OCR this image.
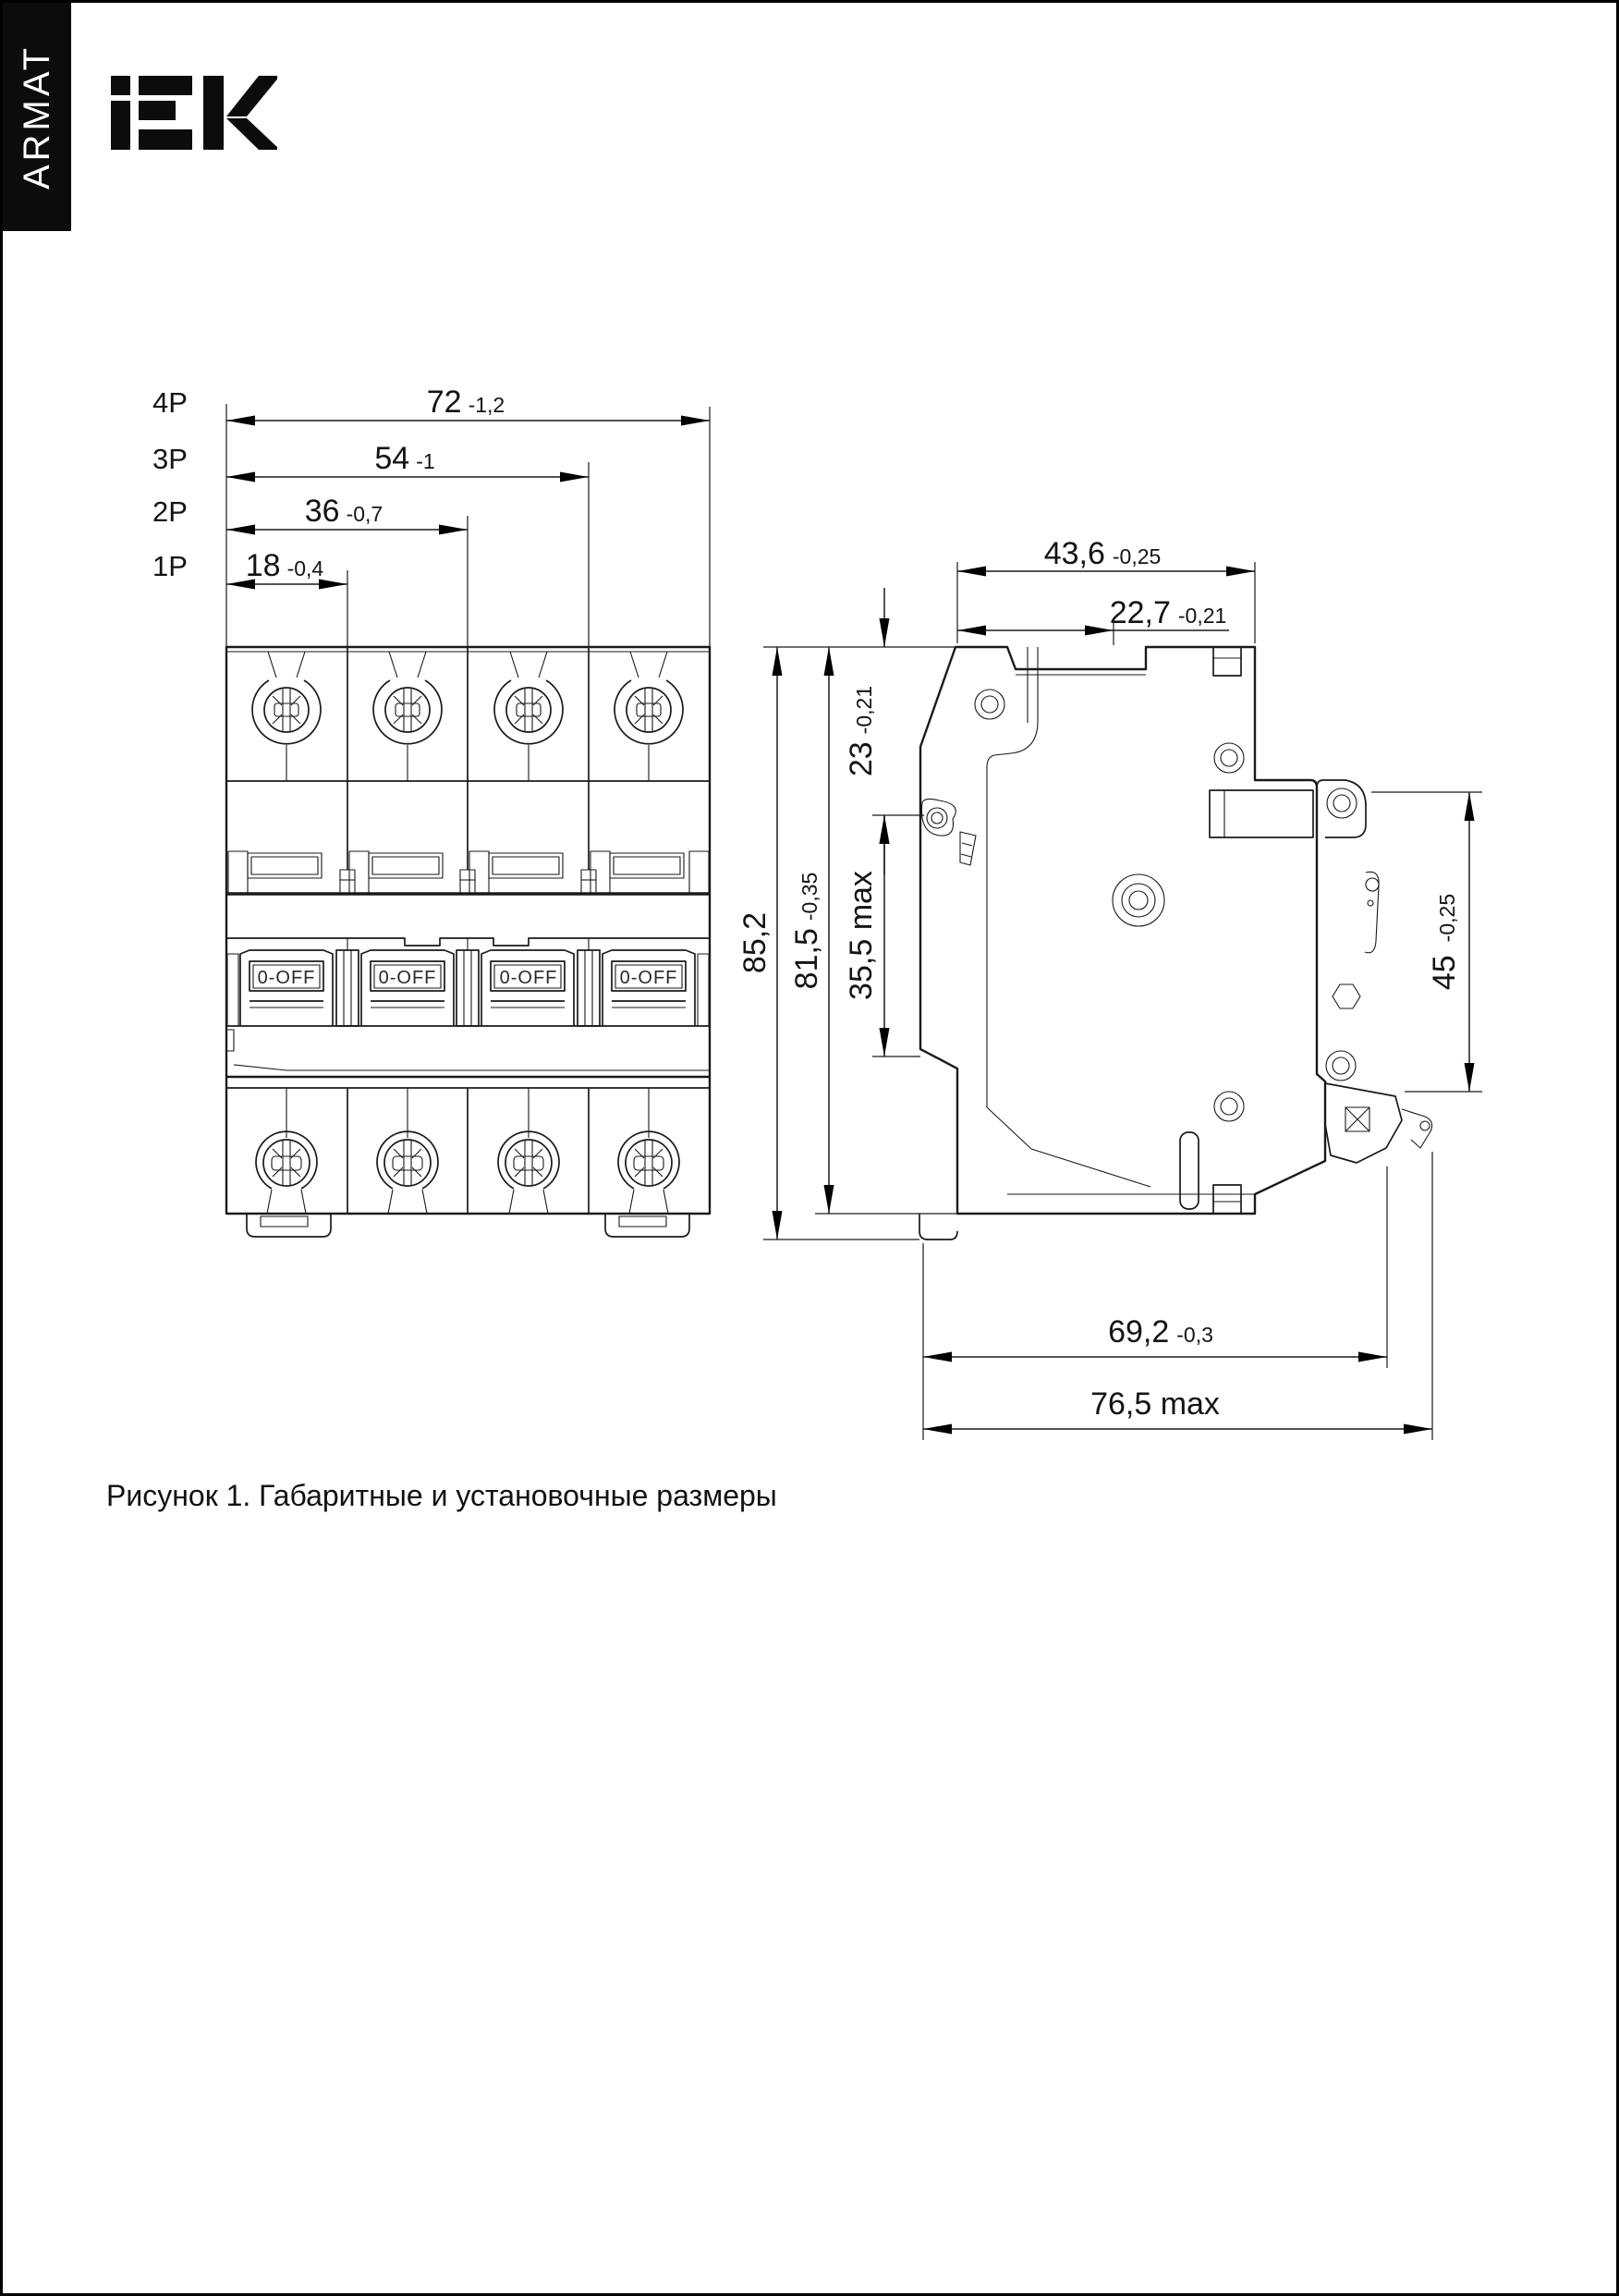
ARMAT
0-OFF	0-OFF	0-OFF	0-OFF
4P	72 -1,2
3P	54 -1
2P	36 -0,7
1P 18 -0,4	43,6 -0,25
22,7 -0,21
85,2 81,5-0,35
23-0,21
35,5 max
45-0,25
69,2 -0,3
76,5 max
Рисунок 1. Габаритные и установочные размеры
